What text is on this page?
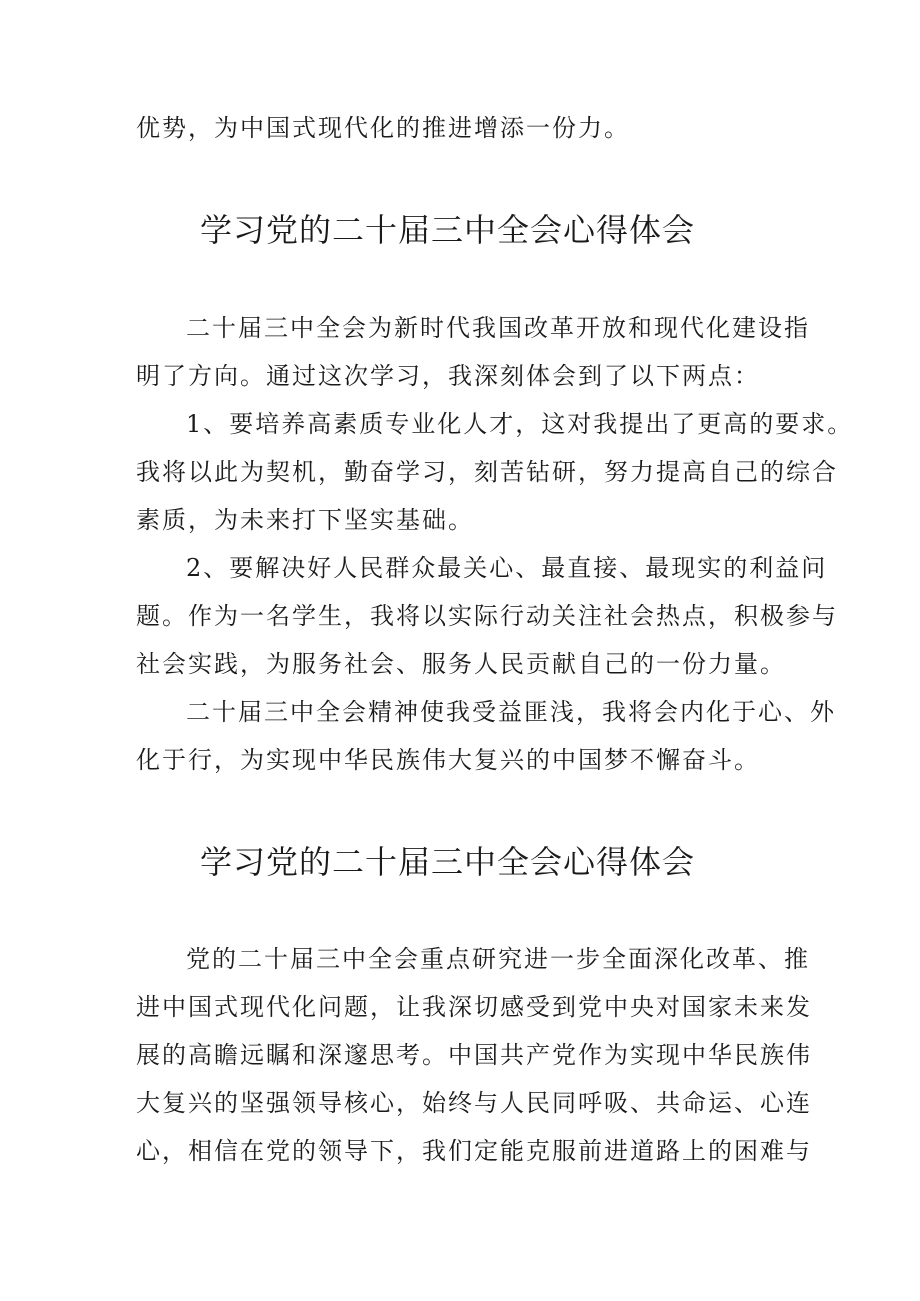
优势，为中国式现代化的推进增添一份力。
学习党的二十届三中全会心得体会
二十届三中全会为新时代我国改革开放和现代化建设指
明了方向。通过这次学习，我深刻体会到了以下两点：
1、要培养高素质专业化人才，这对我提出了更高的要求。
我将以此为契机，勤奋学习，刻苦钻研，努力提高自己的综合
素质，为未来打下坚实基础。
2、要解决好人民群众最关心、最直接、最现实的利益问
题。作为一名学生，我将以实际行动关注社会热点，积极参与
社会实践，为服务社会、服务人民贡献自己的一份力量。
二十届三中全会精神使我受益匪浅，我将会内化于心、外
化于行，为实现中华民族伟大复兴的中国梦不懈奋斗。
学习党的二十届三中全会心得体会
党的二十届三中全会重点研究进一步全面深化改革、推
进中国式现代化问题，让我深切感受到党中央对国家未来发
展的高瞻远瞩和深邃思考。中国共产党作为实现中华民族伟
大复兴的坚强领导核心，始终与人民同呼吸、共命运、心连
心，相信在党的领导下，我们定能克服前进道路上的困难与
